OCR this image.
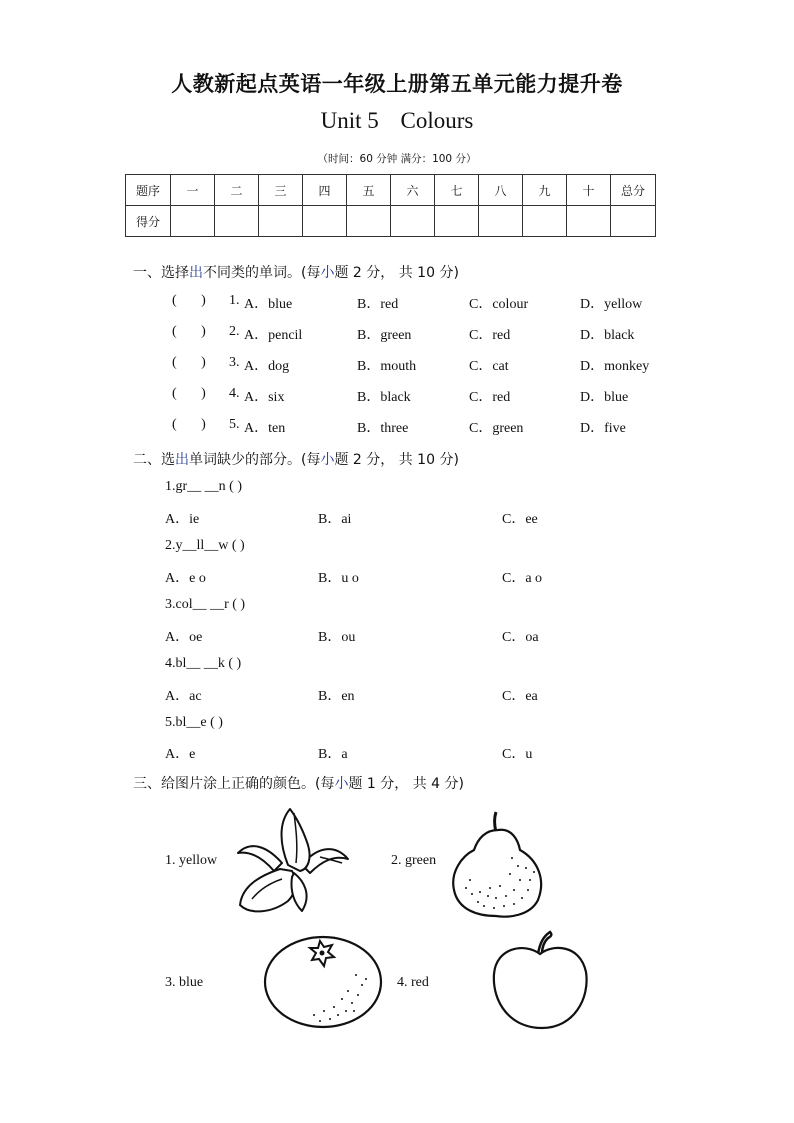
人教新起点英语一年级上册第五单元能力提升卷
Unit 5 Colours
（时间：60 分钟 满分：100 分）
题序	一	二	三	四	五	六	七	八	九	十	总分
得分											
一、选择出不同类的单词。(每小题 2 分， 共 10 分)
(       ) 1. A．blue	B．red	C．colour	D．yellow
(       ) 2. A．pencil	B．green	C．red	D．black
(       ) 3. A．dog	B．mouth	C．cat	D．monkey
(       ) 4. A．six	B．black	C．red	D．blue
(       ) 5. A．ten	B．three	C．green	D．five
二、选出单词缺少的部分。(每小题 2 分， 共 10 分)
1.gr__ __n ( )
A．ie	B．ai	C．ee
2.y__ll__w ( )
A．e o	B．u o	C．a o
3.col__ __r ( )
A．oe	B．ou	C．oa
4.bl__ __k ( )
A．ac	B．en	C．ea
5.bl__e ( )
A．e	B．a	C．u
三、给图片涂上正确的颜色。(每小题 1 分， 共 4 分)
1. yellow	2. green
3. blue	4. red
